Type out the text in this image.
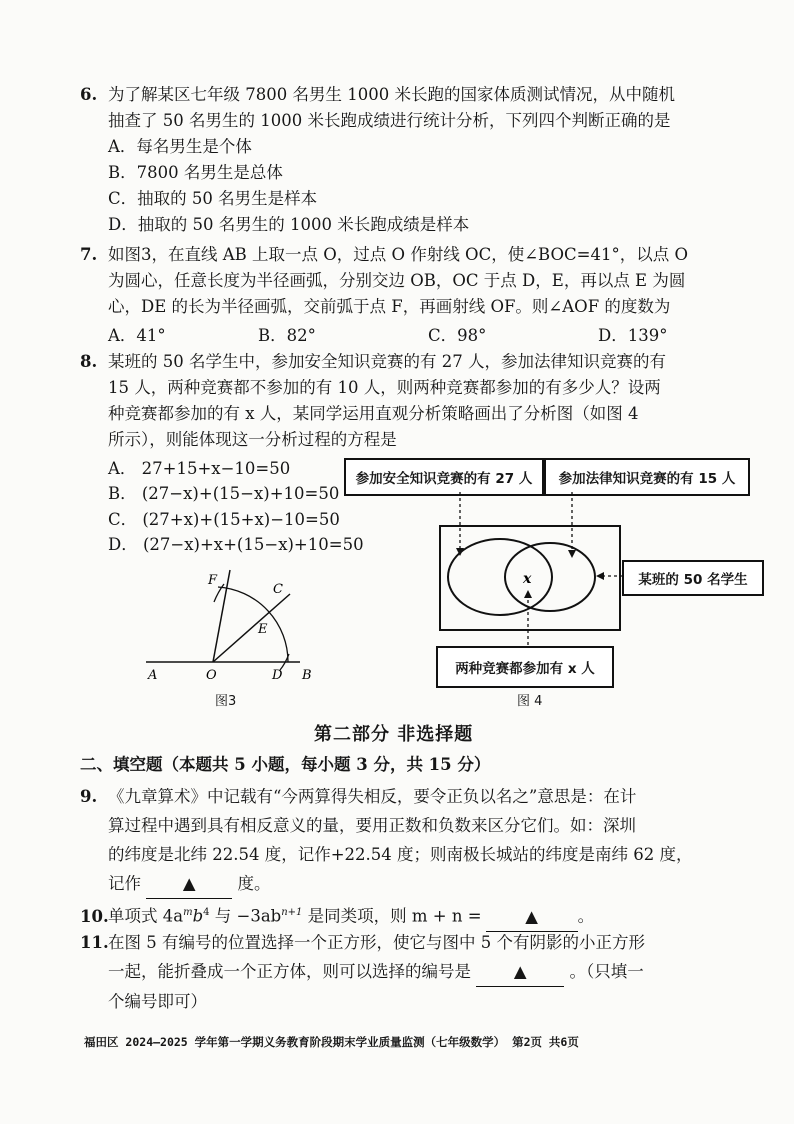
6. 为了解某区七年级 7800 名男生 1000 米长跑的国家体质测试情况，从中随机
抽查了 50 名男生的 1000 米长跑成绩进行统计分析，下列四个判断正确的是
A．每名男生是个体
B．7800 名男生是总体
C．抽取的 50 名男生是样本
D．抽取的 50 名男生的 1000 米长跑成绩是样本
7. 如图3，在直线 AB 上取一点 O，过点 O 作射线 OC，使∠BOC=41°，以点 O
为圆心，任意长度为半径画弧，分别交边 OB，OC 于点 D，E，再以点 E 为圆
心，DE 的长为半径画弧，交前弧于点 F，再画射线 OF。则∠AOF 的度数为
A．41°	B．82°	C．98°	D．139°
8. 某班的 50 名学生中，参加安全知识竞赛的有 27 人，参加法律知识竞赛的有
15 人，两种竞赛都不参加的有 10 人，则两种竞赛都参加的有多少人？设两
种竞赛都参加的有 x 人，某同学运用直观分析策略画出了分析图（如图 4
所示），则能体现这一分析过程的方程是
A． 27+15+x−10=50
B． (27−x)+(15−x)+10=50
C． (27+x)+(15+x)−10=50
D． (27−x)+x+(15−x)+10=50
F
C
E
A	O	D B
图3
参加安全知识竞赛的有 27 人	参加法律知识竞赛的有 15 人
某班的 50 名学生
两种竞赛都参加有 x 人
x
图 4
第二部分 非选择题
二、填空题（本题共 5 小题，每小题 3 分，共 15 分）
9. 《九章算术》中记载有“今两算得失相反，要令正负以名之”意思是：在计
算过程中遇到具有相反意义的量，要用正数和负数来区分它们。如：深圳
的纬度是北纬 22.54 度，记作+22.54 度；则南极长城站的纬度是南纬 62 度，
记作	▲	度。
10.单项式 $4a^mb^4$ 与 $-3ab^{n+1}$ 是同类项，则 m + n =	▲ 。
11.在图 5 有编号的位置选择一个正方形，使它与图中 5 个有阴影的小正方形
一起，能折叠成一个正方体，则可以选择的编号是	▲	。（只填一
个编号即可）
福田区 2024—2025 学年第一学期义务教育阶段期末学业质量监测（七年级数学） 第2页 共6页
